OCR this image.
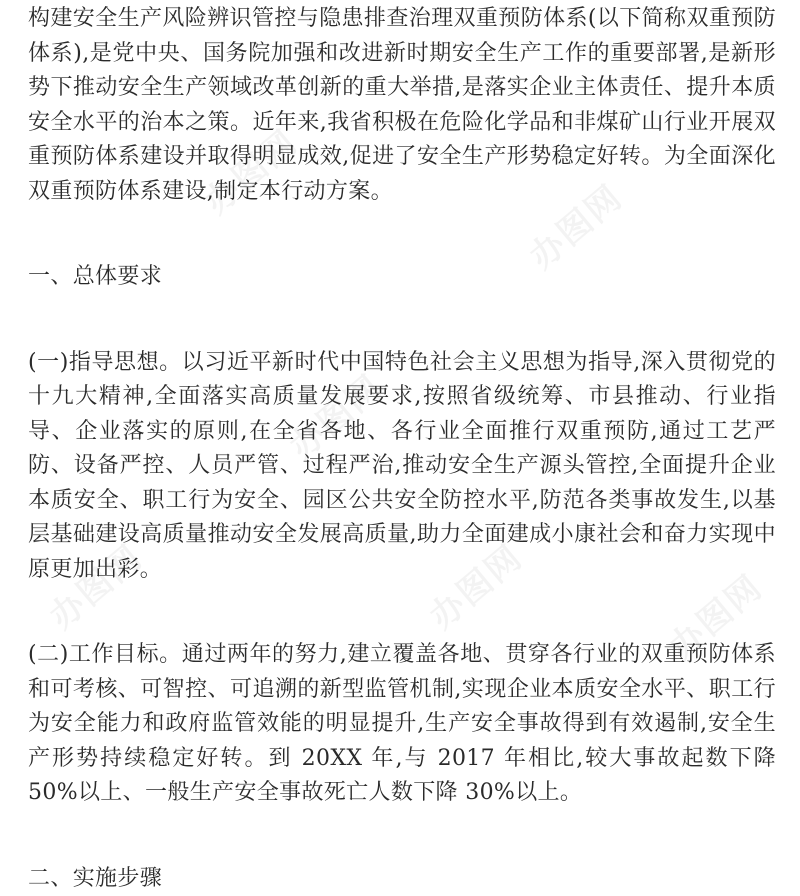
构建安全生产风险辨识管控与隐患排查治理双重预防体系(以下简称双重预防体系),是党中央、国务院加强和改进新时期安全生产工作的重要部署,是新形势下推动安全生产领域改革创新的重大举措,是落实企业主体责任、提升本质安全水平的治本之策。近年来,我省积极在危险化学品和非煤矿山行业开展双重预防体系建设并取得明显成效,促进了安全生产形势稳定好转。为全面深化双重预防体系建设,制定本行动方案。

一、总体要求

(一)指导思想。以习近平新时代中国特色社会主义思想为指导,深入贯彻党的十九大精神,全面落实高质量发展要求,按照省级统筹、市县推动、行业指导、企业落实的原则,在全省各地、各行业全面推行双重预防,通过工艺严防、设备严控、人员严管、过程严治,推动安全生产源头管控,全面提升企业本质安全、职工行为安全、园区公共安全防控水平,防范各类事故发生,以基层基础建设高质量推动安全发展高质量,助力全面建成小康社会和奋力实现中原更加出彩。

(二)工作目标。通过两年的努力,建立覆盖各地、贯穿各行业的双重预防体系和可考核、可智控、可追溯的新型监管机制,实现企业本质安全水平、职工行为安全能力和政府监管效能的明显提升,生产安全事故得到有效遏制,安全生产形势持续稳定好转。到 20XX 年,与 2017 年相比,较大事故起数下降 50%以上、一般生产安全事故死亡人数下降 30%以上。

二、实施步骤
